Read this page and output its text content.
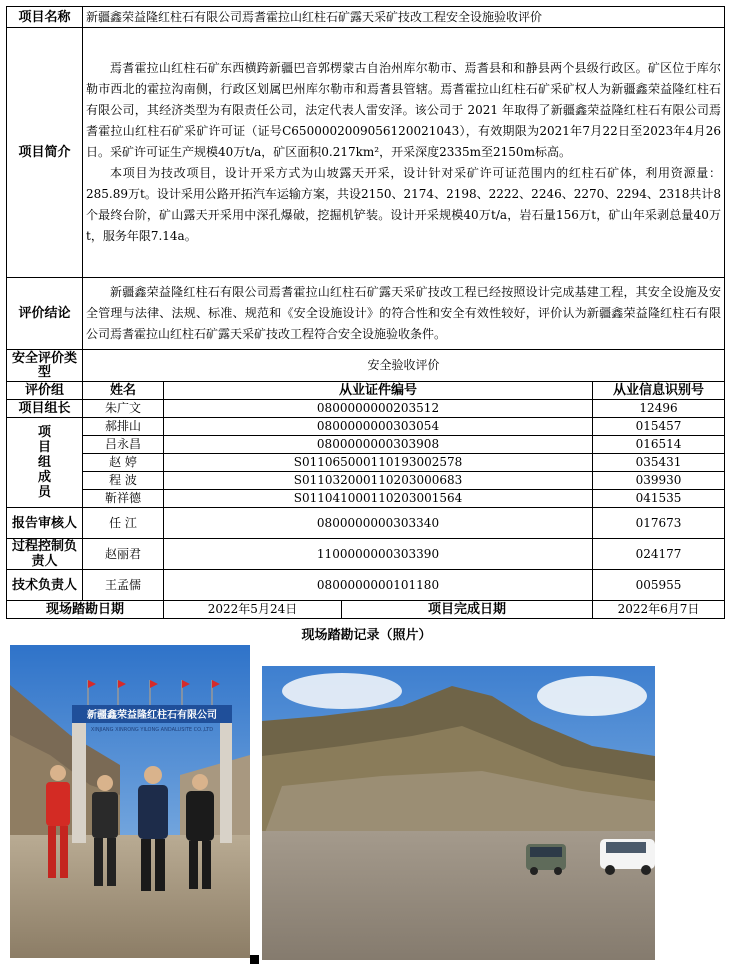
项目名称	新疆鑫荣益隆红柱石有限公司焉耆霍拉山红柱石矿露天采矿技改工程安全设施验收评价			
项目简介	焉耆霍拉山红柱石矿东西横跨新疆巴音郭楞蒙古自治州库尔勒市、焉耆县和和静县两个县级行政区。矿区位于库尔勒市西北的霍拉沟南侧，行政区划属巴州库尔勒市和焉耆县管辖。焉耆霍拉山红柱石矿采矿权人为新疆鑫荣益隆红柱石有限公司，其经济类型为有限责任公司，法定代表人雷安泽。该公司于 2021 年取得了新疆鑫荣益隆红柱石有限公司焉耆霍拉山红柱石矿采矿许可证（证号C6500002009056120021043），有效期限为2021年7月22日至2023年4月26日。采矿许可证生产规模40万t/a，矿区面积0.217km²，开采深度2335m至2150m标高。

本项目为技改项目，设计开采方式为山坡露天开采，设计针对采矿许可证范围内的红柱石矿体，利用资源量：285.89万t。设计采用公路开拓汽车运输方案，共设2150、2174、2198、2222、2246、2270、2294、2318共计8个最终台阶，矿山露天开采用中深孔爆破，挖掘机铲装。设计开采规模40万t/a，岩石量156万t，矿山年采剥总量40万t，服务年限7.14a。			

评价结论	新疆鑫荣益隆红柱石有限公司焉耆霍拉山红柱石矿露天采矿技改工程已经按照设计完成基建工程，其安全设施及安全管理与法律、法规、标准、规范和《安全设施设计》的符合性和安全有效性较好，评价认为新疆鑫荣益隆红柱石有限公司焉耆霍拉山红柱石矿露天采矿技改工程符合安全设施验收条件。			

安全评价类型	安全验收评价			
评价组	姓名	从业证件编号		从业信息识别号
项目组长	朱广文	0800000000203512		12496

项目组成员	郝排山	0800000000303054		015457
	吕永昌	0800000000303908		016514
	赵 婷	S011065000110193002578		035431
	程 波	S011032000110203000683		039930
	靳祥德	S011041000110203001564		041535
报告审核人	任 江	0800000000303340		017673
过程控制负责人	赵丽君	1100000000303390		024177
技术负责人	王孟儒	0800000000101180		005955
现场踏勘日期		2022年5月24日	项目完成日期	2022年6月7日
现场踏勘记录（照片）
新疆鑫荣益隆红柱石有限公司
XINJIANG XINRONG YILONG ANDALUSITE CO.,LTD
